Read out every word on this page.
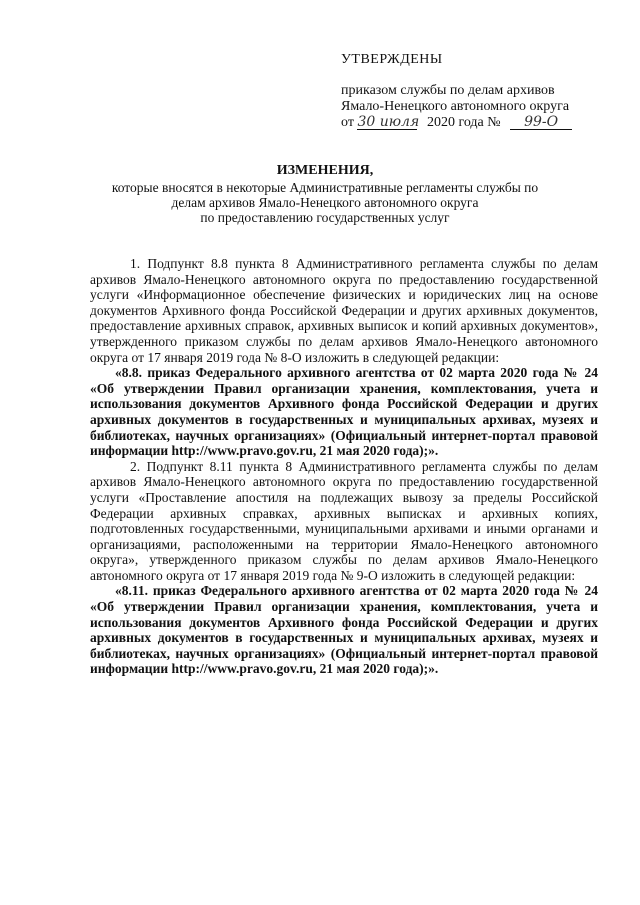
УТВЕРЖДЕНЫ
приказом службы по делам архивов
Ямало-Ненецкого автономного округа
от 30 июля 2020 года № 99-О
ИЗМЕНЕНИЯ,
которые вносятся в некоторые Административные регламенты службы по
делам архивов Ямало-Ненецкого автономного округа
по предоставлению государственных услуг

1. Подпункт 8.8 пункта 8 Административного регламента службы по делам архивов Ямало-Ненецкого автономного округа по предоставлению государственной услуги «Информационное обеспечение физических и юридических лиц на основе документов Архивного фонда Российской Федерации и других архивных документов, предоставление архивных справок, архивных выписок и копий архивных документов», утвержденного приказом службы по делам архивов Ямало-Ненецкого автономного округа от 17 января 2019 года № 8-О изложить в следующей редакции:

«8.8. приказ Федерального архивного агентства от 02 марта 2020 года № 24 «Об утверждении Правил организации хранения, комплектования, учета и использования документов Архивного фонда Российской Федерации и других архивных документов в государственных и муниципальных архивах, музеях и библиотеках, научных организациях» (Официальный интернет-портал правовой информации http://www.pravo.gov.ru, 21 мая 2020 года);».

2. Подпункт 8.11 пункта 8 Административного регламента службы по делам архивов Ямало-Ненецкого автономного округа по предоставлению государственной услуги «Проставление апостиля на подлежащих вывозу за пределы Российской Федерации архивных справках, архивных выписках и архивных копиях, подготовленных государственными, муниципальными архивами и иными органами и организациями, расположенными на территории Ямало-Ненецкого автономного округа», утвержденного приказом службы по делам архивов Ямало-Ненецкого автономного округа от 17 января 2019 года № 9-О изложить в следующей редакции:

«8.11. приказ Федерального архивного агентства от 02 марта 2020 года № 24 «Об утверждении Правил организации хранения, комплектования, учета и использования документов Архивного фонда Российской Федерации и других архивных документов в государственных и муниципальных архивах, музеях и библиотеках, научных организациях» (Официальный интернет-портал правовой информации http://www.pravo.gov.ru, 21 мая 2020 года);».
